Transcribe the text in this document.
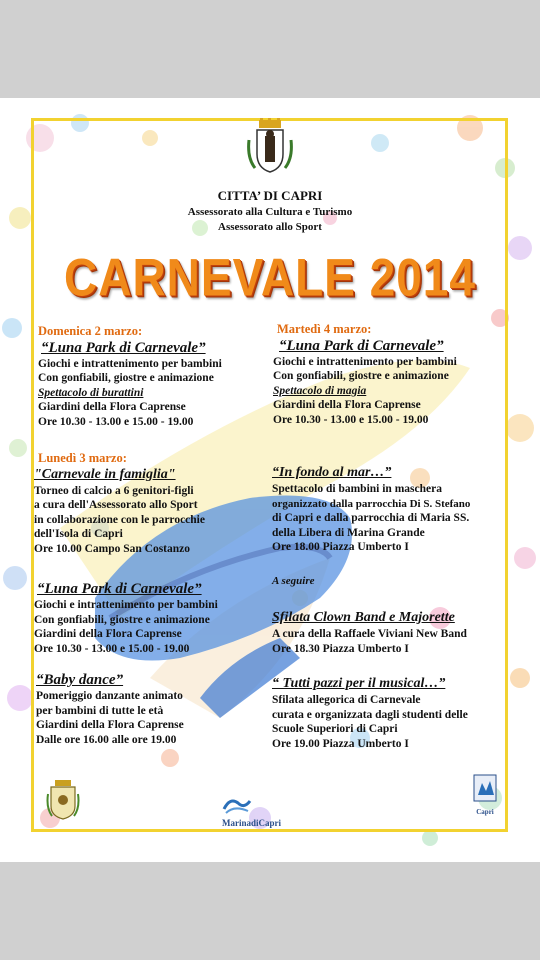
CITTA’ DI CAPRI
Assessorato alla Cultura e Turismo
Assessorato allo Sport
CARNEVALE 2014
Domenica 2 marzo:
“Luna Park di Carnevale”
Giochi e intrattenimento per bambini
Con gonfiabili, giostre e animazione
Spettacolo di burattini
Giardini della Flora Caprense
Ore 10.30 - 13.00 e 15.00 - 19.00
Lunedì 3 marzo:
"Carnevale in famiglia"
Torneo di calcio a 6 genitori-figli
a cura dell'Assessorato allo Sport
in collaborazione con le parrocchie
dell'Isola di Capri
Ore 10.00 Campo San Costanzo
“Luna Park di Carnevale”
Giochi e intrattenimento per bambini
Con gonfiabili, giostre e animazione
Giardini della Flora Caprense
Ore 10.30 - 13.00 e 15.00 - 19.00
“Baby dance”
Pomeriggio danzante animato
per bambini di tutte le età
Giardini della Flora Caprense
Dalle ore 16.00 alle ore 19.00
Martedì 4 marzo:
“Luna Park di Carnevale”
Giochi e intrattenimento per bambini
Con gonfiabili, giostre e animazione
Spettacolo di magia
Giardini della Flora Caprense
Ore 10.30 - 13.00 e 15.00 - 19.00
“In fondo al mar…”
Spettacolo di bambini in maschera
organizzato dalla parrocchia Di S. Stefano
di Capri e dalla parrocchia di Maria SS.
della Libera di Marina Grande
Ore 18.00 Piazza Umberto I
A seguire
Sfilata Clown Band e Majorette
A cura della Raffaele Viviani New Band
Ore 18.30 Piazza Umberto I
“ Tutti pazzi per il musical…”
Sfilata allegorica di Carnevale
curata e organizzata dagli studenti delle
Scuole Superiori di Capri
Ore 19.00 Piazza Umberto I
MarinadiCapri
Capri
